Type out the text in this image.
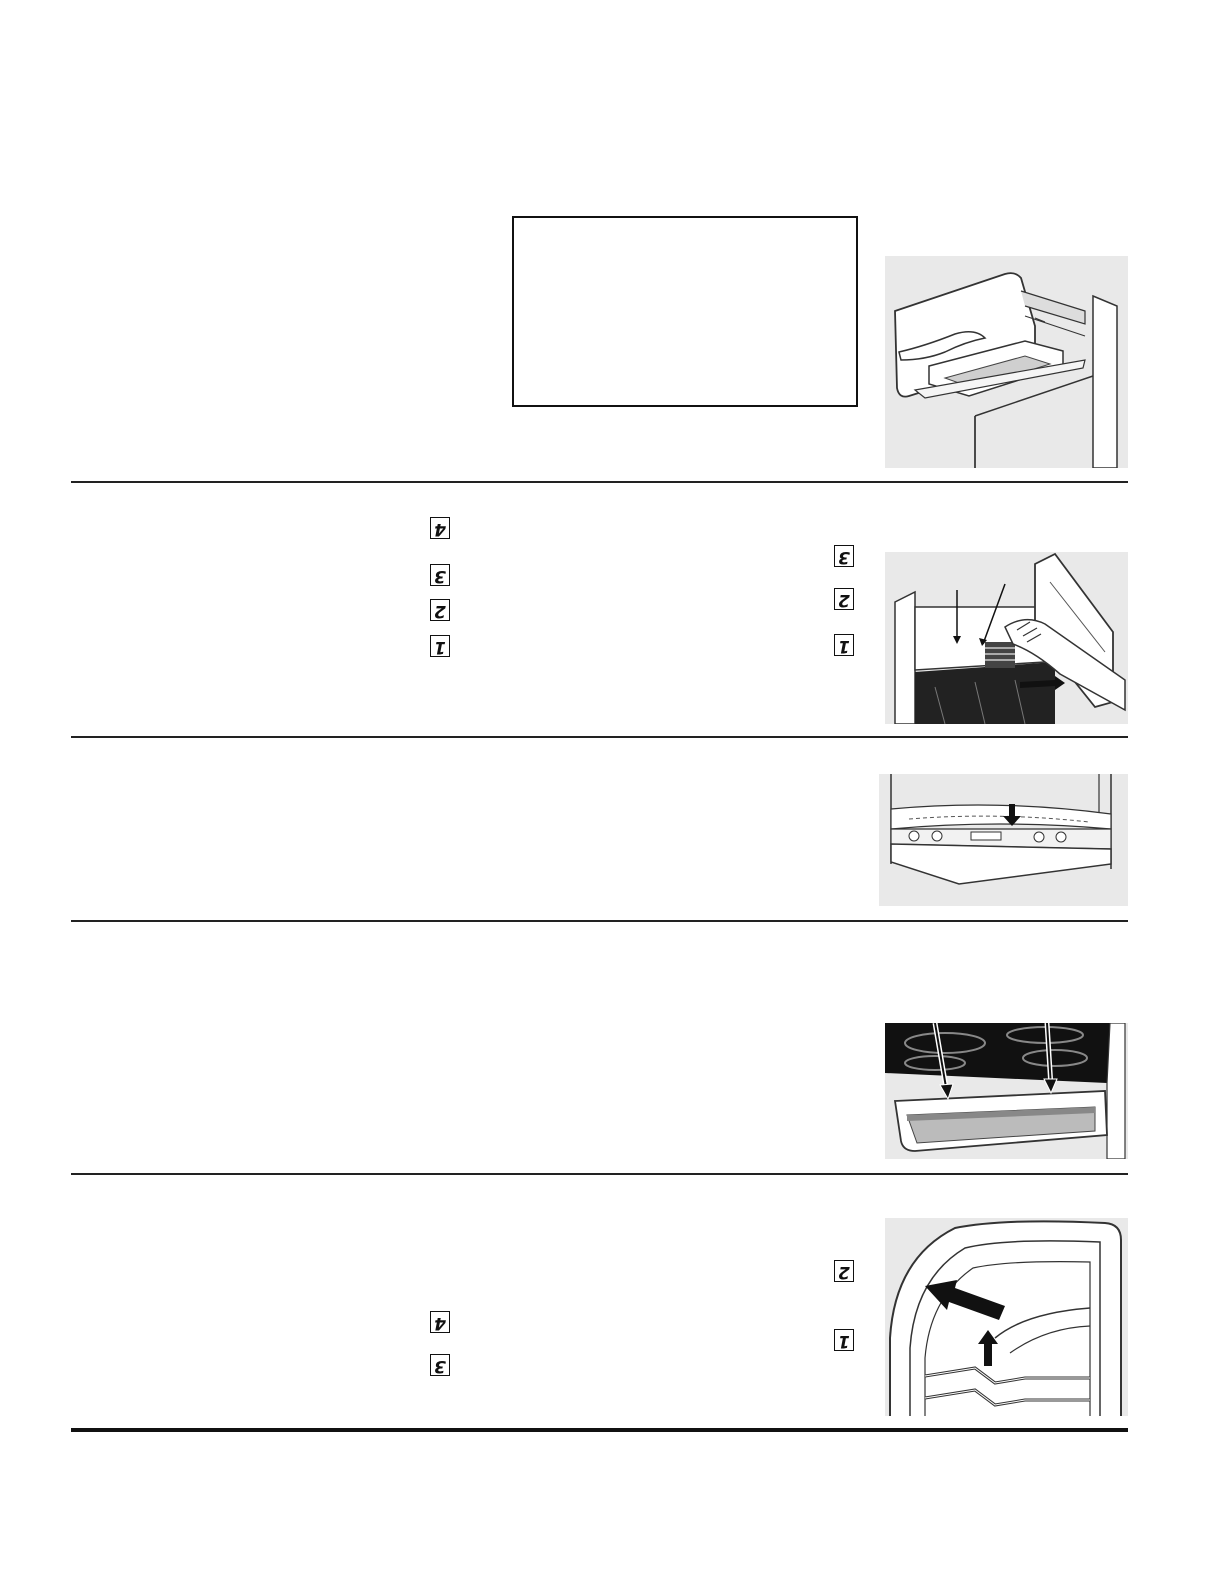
4
3
2
1
3
2
1
2
1
4
3
